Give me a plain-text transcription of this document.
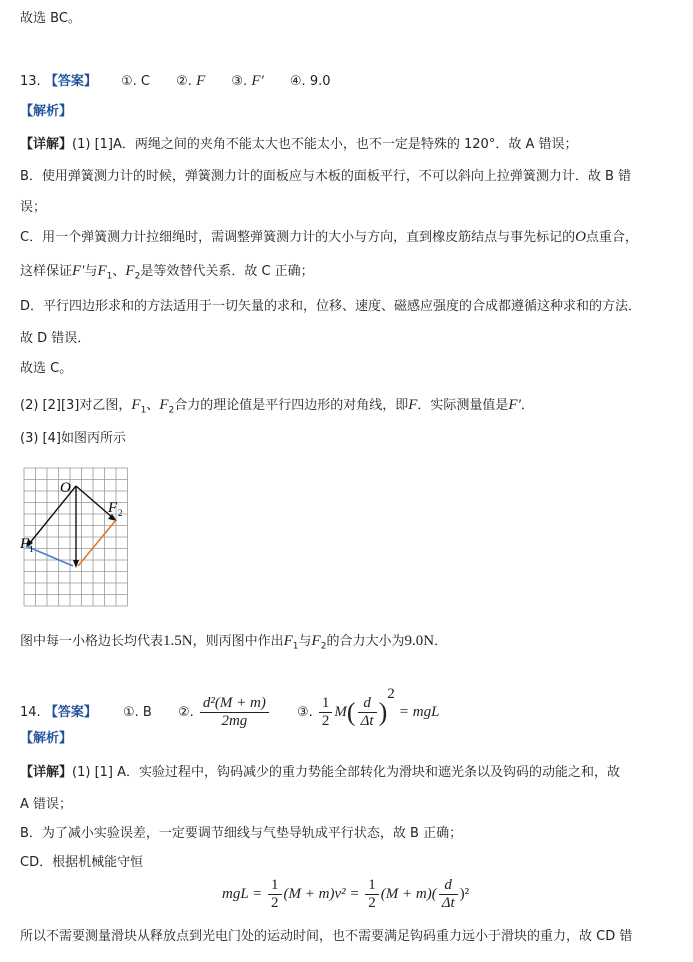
故选 BC。
13. 【答案】 ①. C ②. F ③. F′ ④. 9.0
【解析】
【详解】(1) [1]A．两绳之间的夹角不能太大也不能太小，也不一定是特殊的 120°．故 A 错误；
B．使用弹簧测力计的时候，弹簧测力计的面板应与木板的面板平行，不可以斜向上拉弹簧测力计．故 B 错
误；
C．用一个弹簧测力计拉细绳时，需调整弹簧测力计的大小与方向，直到橡皮筋结点与事先标记的O点重合，
这样保证F′与$F_1$、$F_2$是等效替代关系．故 C 正确；
D．平行四边形求和的方法适用于一切矢量的求和，位移、速度、磁感应强度的合成都遵循这种求和的方法．
故 D 错误．
故选 C。
(2) [2][3]对乙图，$F_1$、$F_2$合力的理论值是平行四边形的对角线，即F．实际测量值是F′．
(3) [4]如图丙所示
O
F 2
F 1
图中每一小格边长均代表1.5N，则丙图中作出$F_1$与$F_2$的合力大小为9.0N．
14. 【答案】 ①. B ②. $\frac{\text{d²(M + m)}}{2mg}$ ③. $\frac{1}{2} M( \frac{d}{\Delta t} )^2$ = mgL
【解析】
【详解】(1) [1] A．实验过程中，钩码减少的重力势能全部转化为滑块和遮光条以及钩码的动能之和，故
A 错误；
B．为了减小实验误差，一定要调节细线与气垫导轨成平行状态，故 B 正确；
CD．根据机械能守恒
mgL = $\frac{1}{2} (M + m)v^2 = \frac{1}{2} (M + m)( \frac{d}{\Delta t} )^2$
所以不需要测量滑块从释放点到光电门处的运动时间，也不需要满足钩码重力远小于滑块的重力，故 CD 错
